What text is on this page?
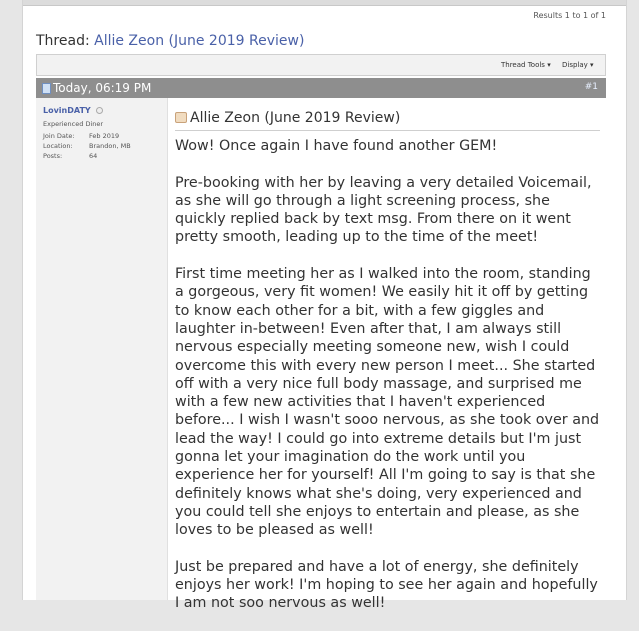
Results 1 to 1 of 1
Thread: Allie Zeon (June 2019 Review)
Thread Tools ▾ Display ▾
Today, 06:19 PM	#1
LovinDATY
Experienced Diner
Join Date: Feb 2019
Location:	Brandon, MB
Posts:	64
Allie Zeon (June 2019 Review)

Wow! Once again I have found another GEM!

Pre-booking with her by leaving a very detailed Voicemail, as she will go through a light screening process, she quickly replied back by text msg. From there on it went pretty smooth, leading up to the time of the meet!

First time meeting her as I walked into the room, standing a gorgeous, very fit women! We easily hit it off by getting to know each other for a bit, with a few giggles and laughter in-between! Even after that, I am always still nervous especially meeting someone new, wish I could overcome this with every new person I meet... She started off with a very nice full body massage, and surprised me with a few new activities that I haven't experienced before... I wish I wasn't sooo nervous, as she took over and lead the way! I could go into extreme details but I'm just gonna let your imagination do the work until you experience her for yourself! All I'm going to say is that she definitely knows what she's doing, very experienced and you could tell she enjoys to entertain and please, as she loves to be pleased as well!

Just be prepared and have a lot of energy, she definitely enjoys her work! I'm hoping to see her again and hopefully I am not soo nervous as well!
